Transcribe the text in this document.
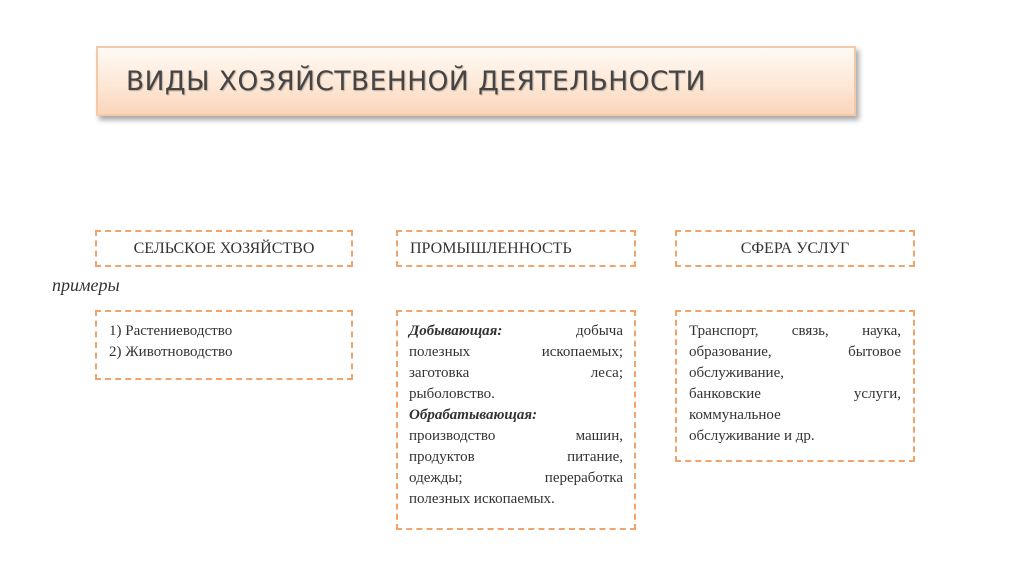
ВИДЫ ХОЗЯЙСТВЕННОЙ ДЕЯТЕЛЬНОСТИ
СЕЛЬСКОЕ ХОЗЯЙСТВО	ПРОМЫШЛЕННОСТЬ	СФЕРА УСЛУГ
примеры

1) Растениеводство

2) Животноводство

Добывающая:	добыча

полезных ископаемых;

заготовка леса;

рыболовство.

Обрабатывающая:

производство машин,

продуктов питание,

одежды; переработка

полезных ископаемых.

Транспорт, связь, наука,

образование, бытовое

обслуживание,

банковские услуги,

коммунальное

обслуживание и др.
